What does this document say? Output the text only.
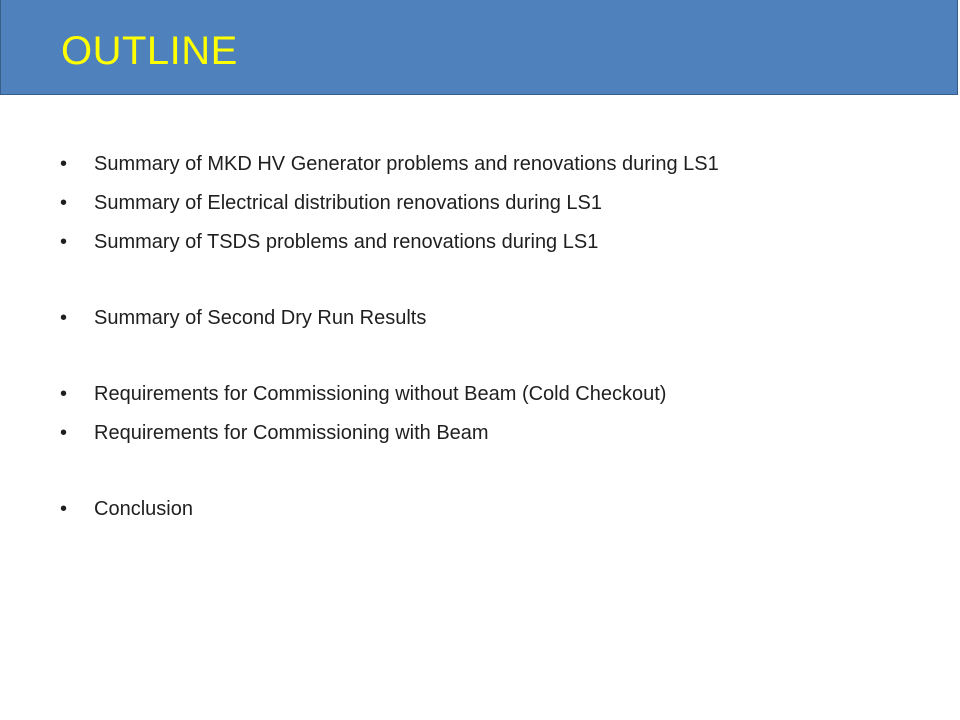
OUTLINE
•	Summary of MKD HV Generator problems and renovations during LS1
•	Summary of Electrical distribution renovations during LS1
•	Summary of TSDS problems and renovations during LS1
•	Summary of Second Dry Run Results
•	Requirements for Commissioning without Beam (Cold Checkout)
•	Requirements for Commissioning with Beam
•	Conclusion
